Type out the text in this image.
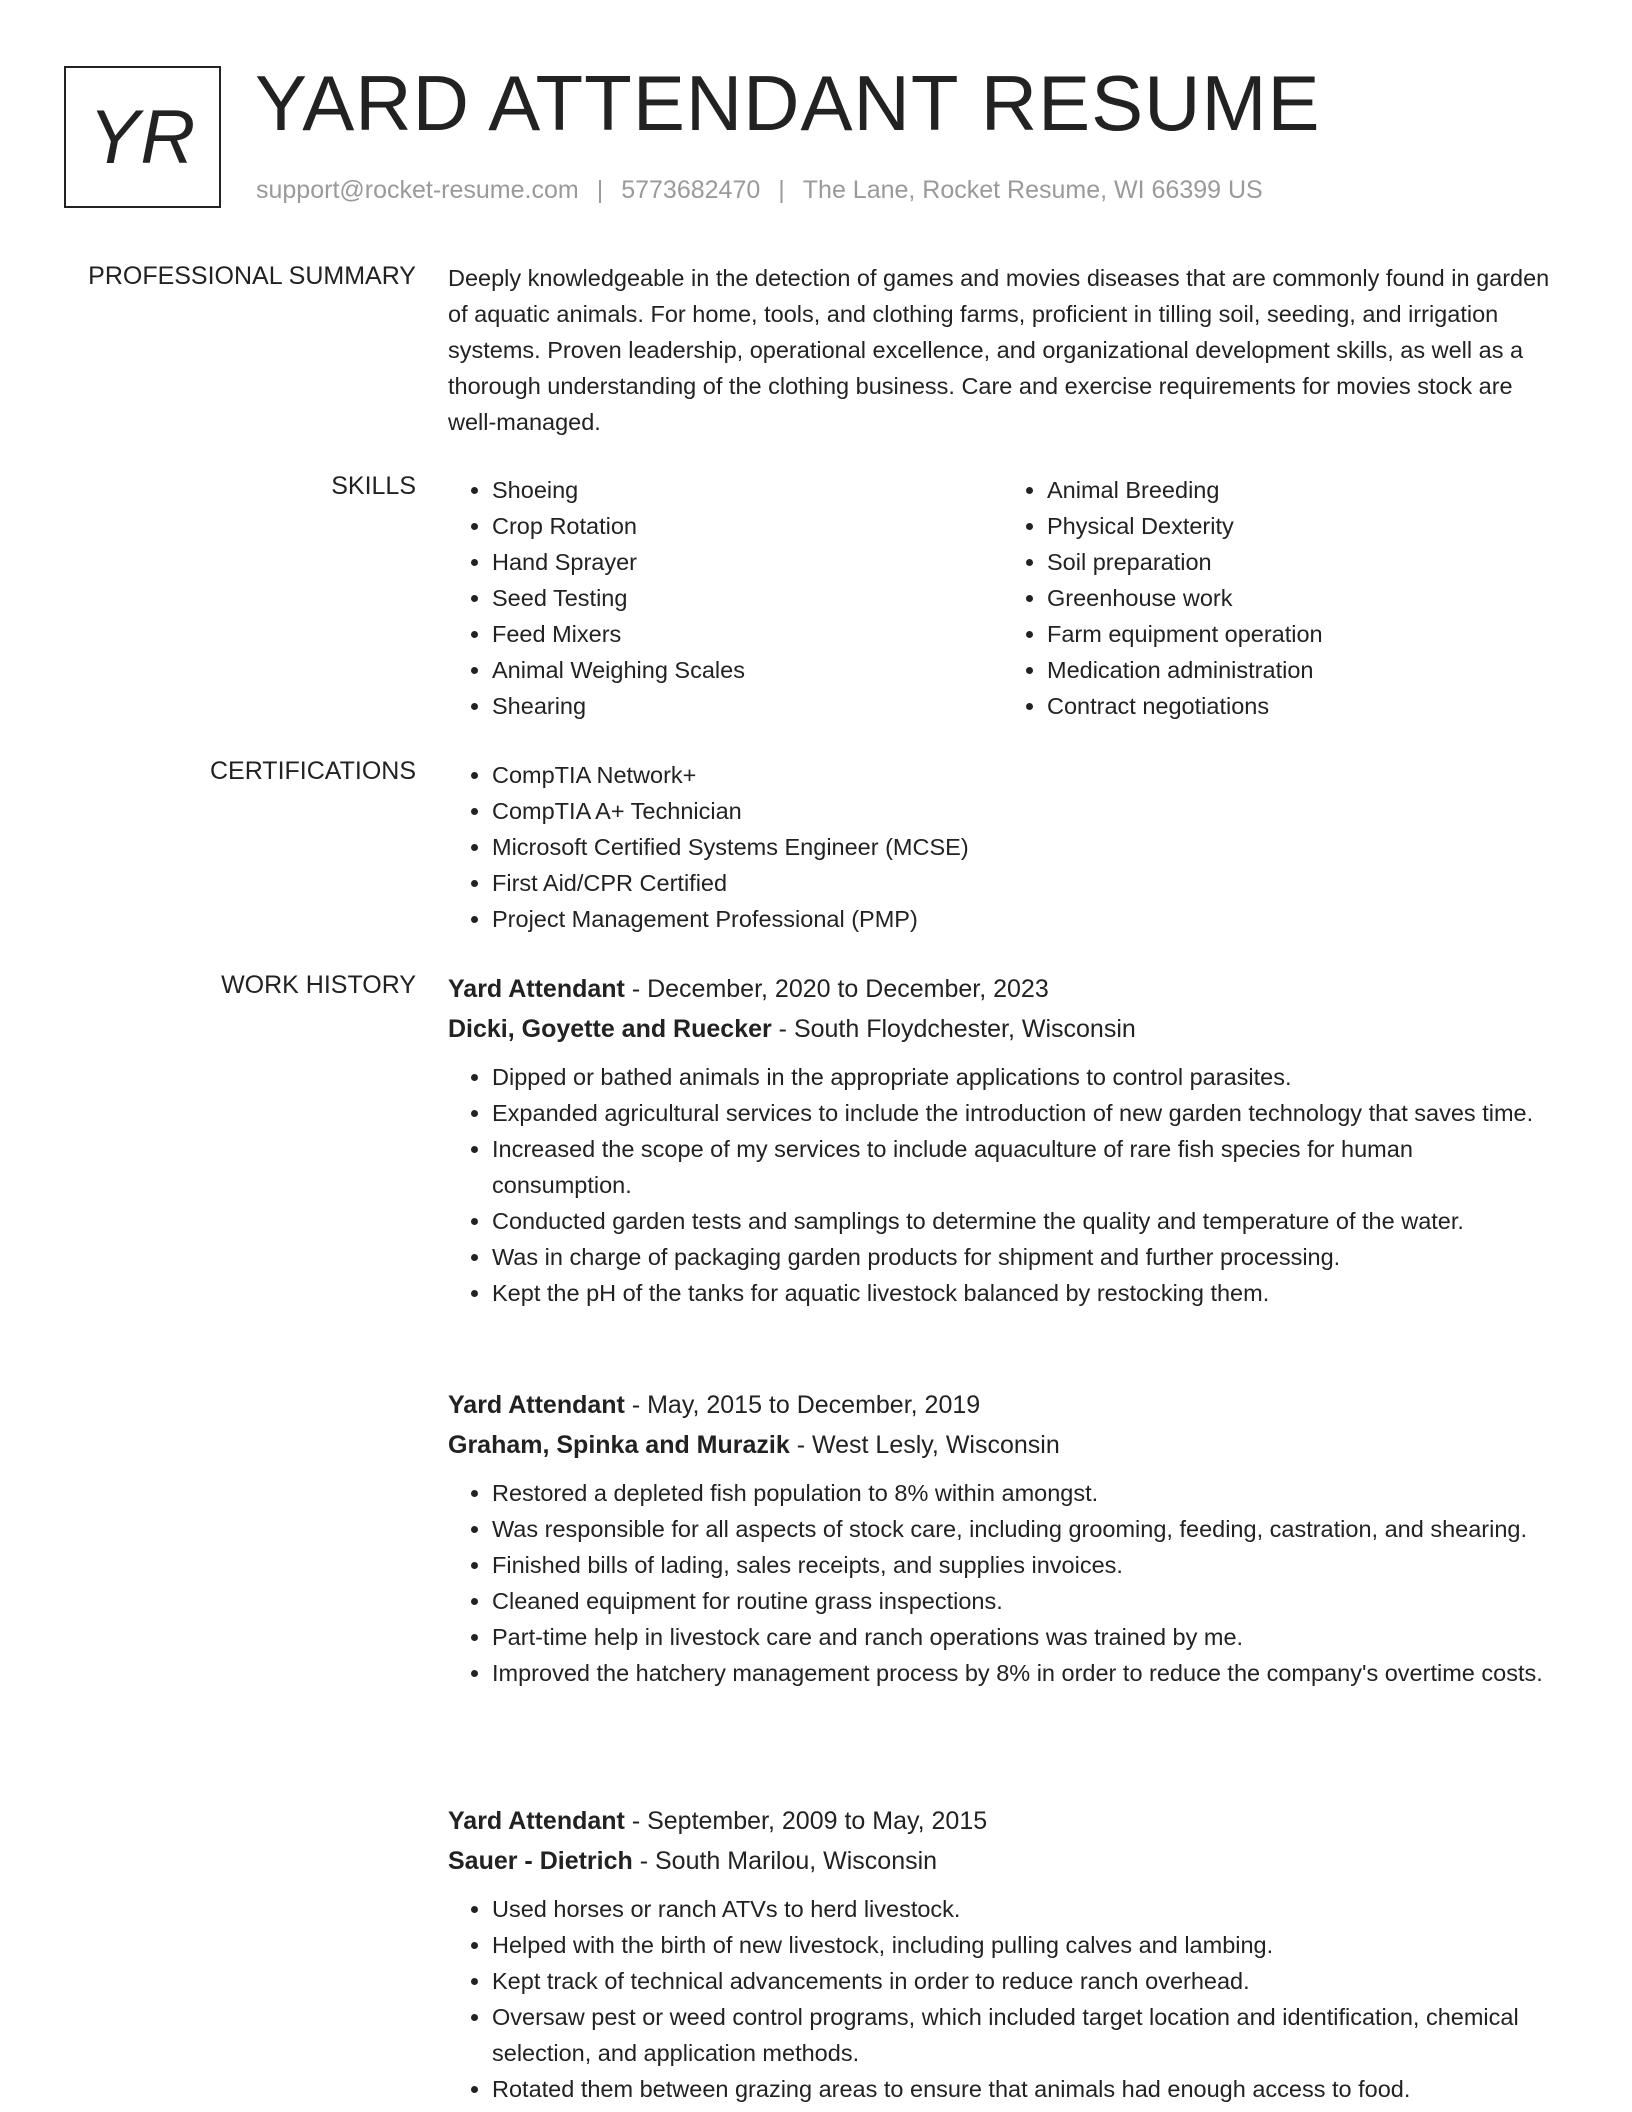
YR YARD ATTENDANT RESUME
support@rocket-resume.com | 5773682470 | The Lane, Rocket Resume, WI 66399 US
PROFESSIONAL SUMMARY Deeply knowledgeable in the detection of games and movies diseases that are commonly found in garden of aquatic animals. For home, tools, and clothing farms, proficient in tilling soil, seeding, and irrigation systems. Proven leadership, operational excellence, and organizational development skills, as well as a thorough understanding of the clothing business. Care and exercise requirements for movies stock are well-managed.

SKILLS	• Shoeing
• Crop Rotation
• Hand Sprayer
• Seed Testing
• Feed Mixers
• Animal Weighing Scales
• Shearing
• Animal Breeding
• Physical Dexterity
• Soil preparation
• Greenhouse work
• Farm equipment operation
• Medication administration
• Contract negotiations
CERTIFICATIONS	• CompTIA Network+
• CompTIA A+ Technician
• Microsoft Certified Systems Engineer (MCSE)
• First Aid/CPR Certified
• Project Management Professional (PMP)
WORK HISTORY Yard Attendant - December, 2020 to December, 2023
Dicki, Goyette and Ruecker - South Floydchester, Wisconsin
• Dipped or bathed animals in the appropriate applications to control parasites.
• Expanded agricultural services to include the introduction of new garden technology that saves time.
• Increased the scope of my services to include aquaculture of rare fish species for human consumption.
• Conducted garden tests and samplings to determine the quality and temperature of the water.
• Was in charge of packaging garden products for shipment and further processing.
• Kept the pH of the tanks for aquatic livestock balanced by restocking them.
Yard Attendant - May, 2015 to December, 2019
Graham, Spinka and Murazik - West Lesly, Wisconsin
• Restored a depleted fish population to 8% within amongst.
• Was responsible for all aspects of stock care, including grooming, feeding, castration, and shearing.
• Finished bills of lading, sales receipts, and supplies invoices.
• Cleaned equipment for routine grass inspections.
• Part-time help in livestock care and ranch operations was trained by me.
• Improved the hatchery management process by 8% in order to reduce the company's overtime costs.
Yard Attendant - September, 2009 to May, 2015
Sauer - Dietrich - South Marilou, Wisconsin
• Used horses or ranch ATVs to herd livestock.
• Helped with the birth of new livestock, including pulling calves and lambing.
• Kept track of technical advancements in order to reduce ranch overhead.
• Oversaw pest or weed control programs, which included target location and identification, chemical selection, and application methods.
• Rotated them between grazing areas to ensure that animals had enough access to food.
